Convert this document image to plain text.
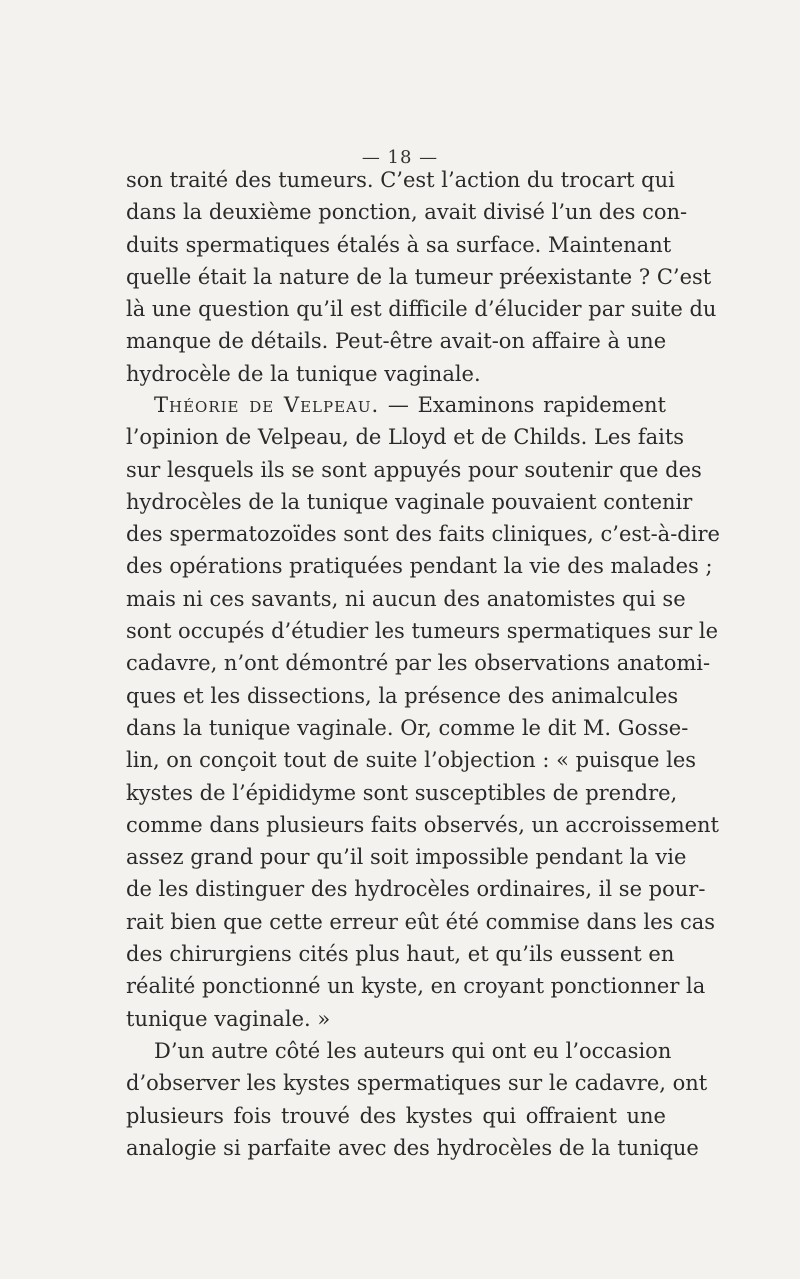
— 18 —
son traité des tumeurs. C’est l’action du trocart qui
dans la deuxième ponction, avait divisé l’un des con-
duits spermatiques étalés à sa surface. Maintenant
quelle était la nature de la tumeur préexistante ? C’est
là une question qu’il est difficile d’élucider par suite du
manque de détails. Peut-être avait-on affaire à une
hydrocèle de la tunique vaginale.
Théorie de Velpeau. — Examinons rapidement
l’opinion de Velpeau, de Lloyd et de Childs. Les faits
sur lesquels ils se sont appuyés pour soutenir que des
hydrocèles de la tunique vaginale pouvaient contenir
des spermatozoïdes sont des faits cliniques, c’est-à-dire
des opérations pratiquées pendant la vie des malades ;
mais ni ces savants, ni aucun des anatomistes qui se
sont occupés d’étudier les tumeurs spermatiques sur le
cadavre, n’ont démontré par les observations anatomi-
ques et les dissections, la présence des animalcules
dans la tunique vaginale. Or, comme le dit M. Gosse-
lin, on conçoit tout de suite l’objection : « puisque les
kystes de l’épididyme sont susceptibles de prendre,
comme dans plusieurs faits observés, un accroissement
assez grand pour qu’il soit impossible pendant la vie
de les distinguer des hydrocèles ordinaires, il se pour-
rait bien que cette erreur eût été commise dans les cas
des chirurgiens cités plus haut, et qu’ils eussent en
réalité ponctionné un kyste, en croyant ponctionner la
tunique vaginale. »
D’un autre côté les auteurs qui ont eu l’occasion
d’observer les kystes spermatiques sur le cadavre, ont
plusieurs fois trouvé des kystes qui offraient une
analogie si parfaite avec des hydrocèles de la tunique
